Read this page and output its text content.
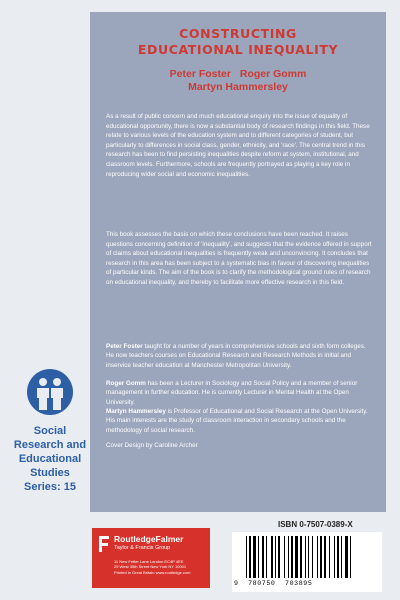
CONSTRUCTING
EDUCATIONAL INEQUALITY
Peter Foster Roger Gomm
Martyn Hammersley

As a result of public concern and much educational enquiry into the issue of equality of educational opportunity, there is now a substantial body of research findings in this field. These relate to various levels of the education system and to different categories of student, but particularly to differences in social class, gender, ethnicity, and 'race'. The central trend in this research has been to find persisting inequalities despite reform at system, institutional, and classroom levels. Furthermore, schools are frequently portrayed as playing a key role in reproducing wider social and economic inequalities.

This book assesses the basis on which these conclusions have been reached. It raises questions concerning definition of 'inequality', and suggests that the evidence offered in support of claims about educational inequalities is frequently weak and unconvincing. It concludes that research in this area has been subject to a systematic bias in favour of discovering inequalities of particular kinds. The aim of the book is to clarify the methodological ground rules of research on educational inequality, and thereby to facilitate more effective research in this field.

Peter Foster taught for a number of years in comprehensive schools and sixth form colleges. He now teachers courses on Educational Research and Research Methods in initial and inservice teacher education at Manchester Metropolitan University.

Roger Gomm has been a Lecturer in Sociology and Social Policy and a member of senior management in further education. He is currently Lecturer in Mental Health at the Open University.

Martyn Hammersley is Professor of Educational and Social Research at the Open University. His main interests are the study of classroom interaction in secondary schools and the methodology of social research.

Cover Design by Caroline Archer
Social
Research and
Educational
Studies
Series: 15
ISBN 0-7507-0389-X
RoutledgeFalmer
Taylor & Francis Group
11 New Fetter Lane London EC4P 4EE
29 West 35th Street New York NY 10001
Printed in Great Britain www.routledge.com
9 780750 703895
